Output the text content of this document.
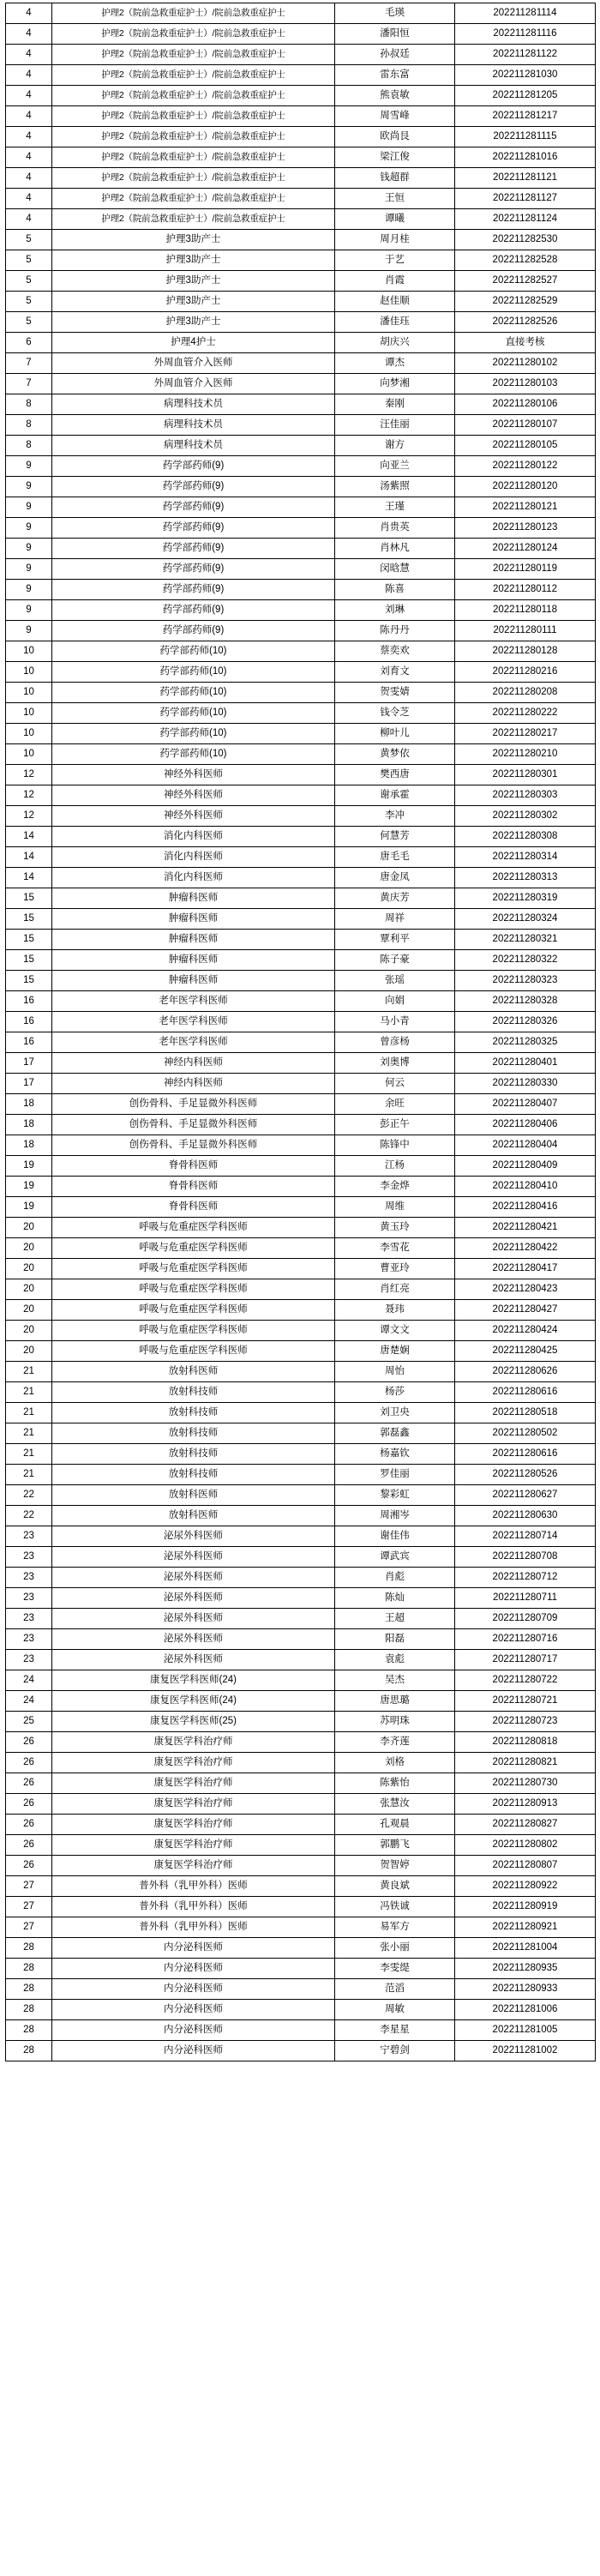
4	护理2（院前急救重症护士）/院前急救重症护士	毛瑛	202211281114
4	护理2（院前急救重症护士）/院前急救重症护士	潘阳恒	202211281116
4	护理2（院前急救重症护士）/院前急救重症护士	孙叔廷	202211281122
4	护理2（院前急救重症护士）/院前急救重症护士	雷东富	202211281030
4	护理2（院前急救重症护士）/院前急救重症护士	熊袁敏	202211281205
4	护理2（院前急救重症护士）/院前急救重症护士	周雪峰	202211281217
4	护理2（院前急救重症护士）/院前急救重症护士	欧尚艮	202211281115
4	护理2（院前急救重症护士）/院前急救重症护士	梁江俊	202211281016
4	护理2（院前急救重症护士）/院前急救重症护士	钱超群	202211281121
4	护理2（院前急救重症护士）/院前急救重症护士	王恒	202211281127
4	护理2（院前急救重症护士）/院前急救重症护士	谭曦	202211281124
5	护理3助产士	周月桂	202211282530
5	护理3助产士	于艺	202211282528
5	护理3助产士	肖霞	202211282527
5	护理3助产士	赵佳顺	202211282529
5	护理3助产士	潘佳珏	202211282526
6	护理4护士	胡庆兴	直接考核
7	外周血管介入医师	谭杰	202211280102
7	外周血管介入医师	向梦湘	202211280103
8	病理科技术员	秦刚	202211280106
8	病理科技术员	汪佳丽	202211280107
8	病理科技术员	谢方	202211280105
9	药学部药师(9)	向亚兰	202211280122
9	药学部药师(9)	汤紫照	202211280120
9	药学部药师(9)	王瑾	202211280121
9	药学部药师(9)	肖贵英	202211280123
9	药学部药师(9)	肖林凡	202211280124
9	药学部药师(9)	闵晗慧	202211280119
9	药学部药师(9)	陈喜	202211280112
9	药学部药师(9)	刘琳	202211280118
9	药学部药师(9)	陈丹丹	202211280111
10	药学部药师(10)	蔡奕欢	202211280128
10	药学部药师(10)	刘育文	202211280216
10	药学部药师(10)	贺雯婧	202211280208
10	药学部药师(10)	钱令芝	202211280222
10	药学部药师(10)	柳叶儿	202211280217
10	药学部药师(10)	黄梦依	202211280210
12	神经外科医师	樊西唐	202211280301
12	神经外科医师	谢承霍	202211280303
12	神经外科医师	李冲	202211280302
14	消化内科医师	何慧芳	202211280308
14	消化内科医师	唐毛毛	202211280314
14	消化内科医师	唐金凤	202211280313
15	肿瘤科医师	黄庆芳	202211280319
15	肿瘤科医师	周祥	202211280324
15	肿瘤科医师	覃利平	202211280321
15	肿瘤科医师	陈子豪	202211280322
15	肿瘤科医师	张瑶	202211280323
16	老年医学科医师	向娟	202211280328
16	老年医学科医师	马小青	202211280326
16	老年医学科医师	曾彦杨	202211280325
17	神经内科医师	刘奥博	202211280401
17	神经内科医师	何云	202211280330
18	创伤骨科、手足显微外科医师	余旺	202211280407
18	创伤骨科、手足显微外科医师	彭正午	202211280406
18	创伤骨科、手足显微外科医师	陈锋中	202211280404
19	脊骨科医师	江杨	202211280409
19	脊骨科医师	李金烨	202211280410
19	脊骨科医师	周维	202211280416
20	呼吸与危重症医学科医师	黄玉玲	202211280421
20	呼吸与危重症医学科医师	李雪花	202211280422
20	呼吸与危重症医学科医师	曹亚玲	202211280417
20	呼吸与危重症医学科医师	肖红亮	202211280423
20	呼吸与危重症医学科医师	聂玮	202211280427
20	呼吸与危重症医学科医师	谭文文	202211280424
20	呼吸与危重症医学科医师	唐楚娴	202211280425
21	放射科医师	周怡	202211280626
21	放射科技师	杨莎	202211280616
21	放射科技师	刘卫央	202211280518
21	放射科技师	郭磊鑫	202211280502
21	放射科技师	杨嘉钦	202211280616
21	放射科技师	罗佳丽	202211280526
22	放射科医师	黎彩虹	202211280627
22	放射科医师	周湘岑	202211280630
23	泌尿外科医师	谢佳伟	202211280714
23	泌尿外科医师	谭武宾	202211280708
23	泌尿外科医师	肖彪	202211280712
23	泌尿外科医师	陈灿	202211280711
23	泌尿外科医师	王超	202211280709
23	泌尿外科医师	阳磊	202211280716
23	泌尿外科医师	袁彪	202211280717
24	康复医学科医师(24)	吴杰	202211280722
24	康复医学科医师(24)	唐思璐	202211280721
25	康复医学科医师(25)	苏明珠	202211280723
26	康复医学科治疗师	李齐莲	202211280818
26	康复医学科治疗师	刘格	202211280821
26	康复医学科治疗师	陈紫怡	202211280730
26	康复医学科治疗师	张慧汝	202211280913
26	康复医学科治疗师	孔观晨	202211280827
26	康复医学科治疗师	郭鹏飞	202211280802
26	康复医学科治疗师	贺智婷	202211280807
27	普外科（乳甲外科）医师	黄良斌	202211280922
27	普外科（乳甲外科）医师	冯铁诚	202211280919
27	普外科（乳甲外科）医师	易军方	202211280921
28	内分泌科医师	张小丽	202211281004
28	内分泌科医师	李雯缇	202211280935
28	内分泌科医师	范滔	202211280933
28	内分泌科医师	周敏	202211281006
28	内分泌科医师	李星星	202211281005
28	内分泌科医师	宁碧剑	202211281002
